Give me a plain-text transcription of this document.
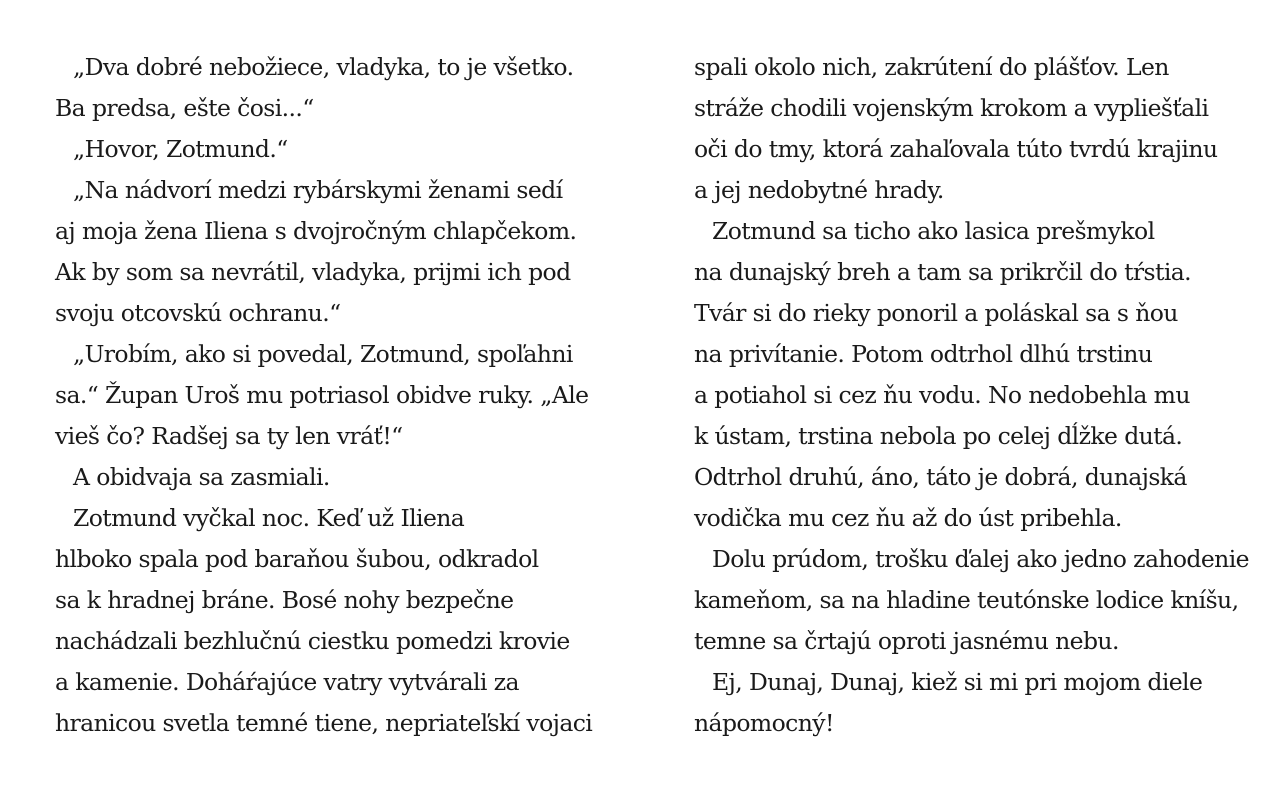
„Dva dobré nebožiece, vladyka, to je všetko.
Ba predsa, ešte čosi...“
„Hovor, Zotmund.“
„Na nádvorí medzi rybárskymi ženami sedí
aj moja žena Iliena s dvojročným chlapčekom.
Ak by som sa nevrátil, vladyka, prijmi ich pod
svoju otcovskú ochranu.“
„Urobím, ako si povedal, Zotmund, spoľahni
sa.“ Župan Uroš mu potriasol obidve ruky. „Ale
vieš čo? Radšej sa ty len vráť!“
A obidvaja sa zasmiali.
Zotmund vyčkal noc. Keď už Iliena
hlboko spala pod baraňou šubou, odkradol
sa k hradnej bráne. Bosé nohy bezpečne
nachádzali bezhlučnú ciestku pomedzi krovie
a kamenie. Doháŕajúce vatry vytvárali za
hranicou svetla temné tiene, nepriateľskí vojaci
spali okolo nich, zakrútení do plášťov. Len
stráže chodili vojenským krokom a vypliešťali
oči do tmy, ktorá zahaľovala túto tvrdú krajinu
a jej nedobytné hrady.
Zotmund sa ticho ako lasica prešmykol
na dunajský breh a tam sa prikrčil do tŕstia.
Tvár si do rieky ponoril a poláskal sa s ňou
na privítanie. Potom odtrhol dlhú trstinu
a potiahol si cez ňu vodu. No nedobehla mu
k ústam, trstina nebola po celej dĺžke dutá.
Odtrhol druhú, áno, táto je dobrá, dunajská
vodička mu cez ňu až do úst pribehla.
Dolu prúdom, trošku ďalej ako jedno zahodenie
kameňom, sa na hladine teutónske lodice kníšu,
temne sa črtajú oproti jasnému nebu.
Ej, Dunaj, Dunaj, kiež si mi pri mojom diele
nápomocný!
